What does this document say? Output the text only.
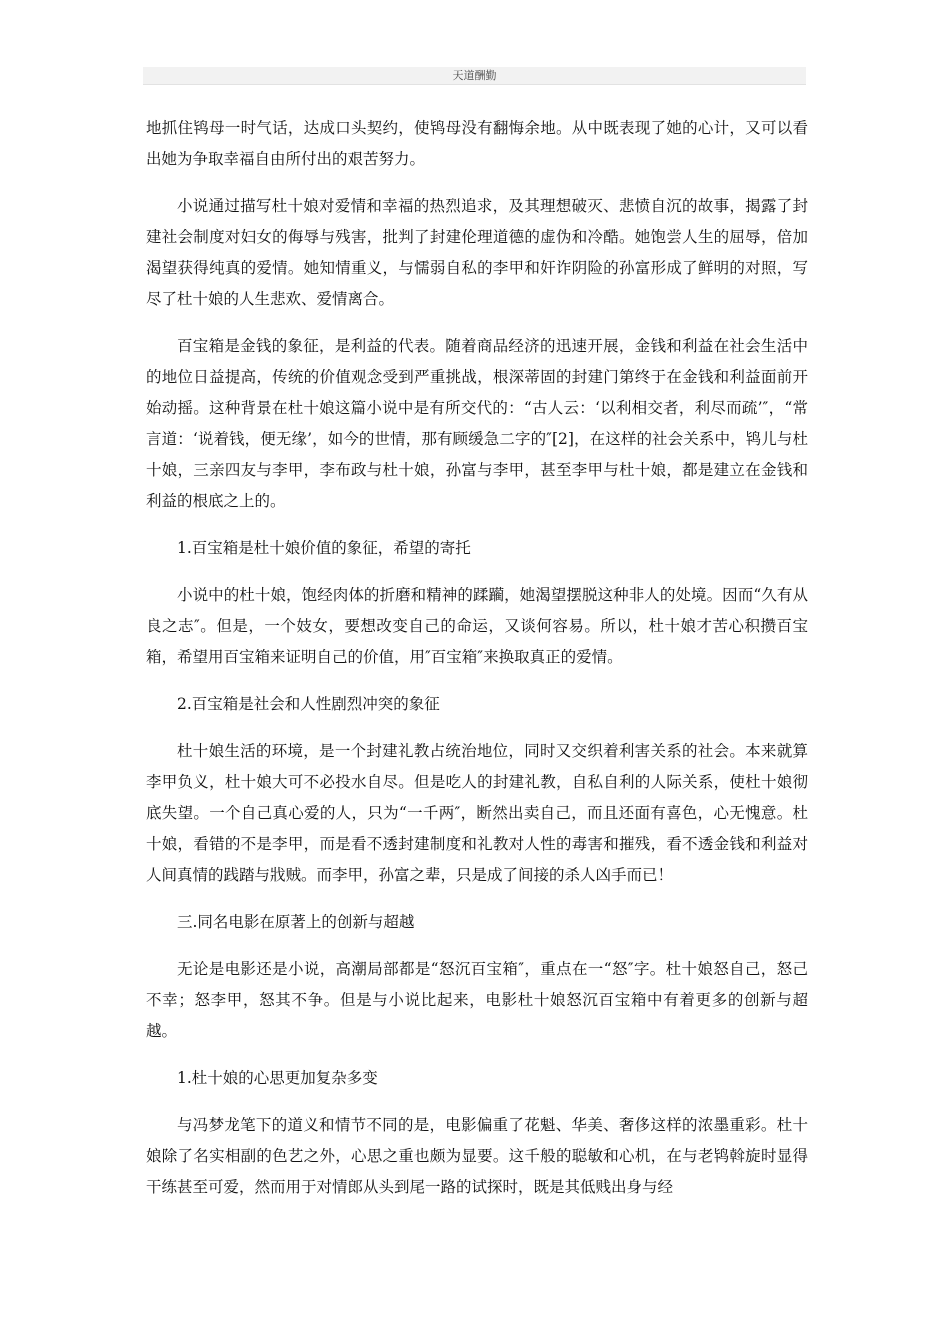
天道酬勤

地抓住鸨母一时气话，达成口头契约，使鸨母没有翻悔余地。从中既表现了她的心计，又可以看出她为争取幸福自由所付出的艰苦努力。

小说通过描写杜十娘对爱情和幸福的热烈追求，及其理想破灭、悲愤自沉的故事，揭露了封建社会制度对妇女的侮辱与残害，批判了封建伦理道德的虚伪和冷酷。她饱尝人生的屈辱，倍加渴望获得纯真的爱情。她知情重义，与懦弱自私的李甲和奸诈阴险的孙富形成了鲜明的对照，写尽了杜十娘的人生悲欢、爱情离合。

百宝箱是金钱的象征，是利益的代表。随着商品经济的迅速开展，金钱和利益在社会生活中的地位日益提高，传统的价值观念受到严重挑战，根深蒂固的封建门第终于在金钱和利益面前开始动摇。这种背景在杜十娘这篇小说中是有所交代的：“古人云：‘以利相交者，利尽而疏’″，“常言道：‘说着钱，便无缘’，如今的世情，那有顾缓急二字的″[2]，在这样的社会关系中，鸨儿与杜十娘，三亲四友与李甲，李布政与杜十娘，孙富与李甲，甚至李甲与杜十娘，都是建立在金钱和利益的根底之上的。

1.百宝箱是杜十娘价值的象征，希望的寄托

小说中的杜十娘，饱经肉体的折磨和精神的蹂躏，她渴望摆脱这种非人的处境。因而“久有从良之志″。但是，一个妓女，要想改变自己的命运，又谈何容易。所以，杜十娘才苦心积攒百宝箱，希望用百宝箱来证明自己的价值，用″百宝箱″来换取真正的爱情。

2.百宝箱是社会和人性剧烈冲突的象征

杜十娘生活的环境，是一个封建礼教占统治地位，同时又交织着利害关系的社会。本来就算李甲负义，杜十娘大可不必投水自尽。但是吃人的封建礼教，自私自利的人际关系，使杜十娘彻底失望。一个自己真心爱的人，只为“一千两″，断然出卖自己，而且还面有喜色，心无愧意。杜十娘，看错的不是李甲，而是看不透封建制度和礼教对人性的毒害和摧残，看不透金钱和利益对人间真情的践踏与戕贼。而李甲，孙富之辈，只是成了间接的杀人凶手而已！

三.同名电影在原著上的创新与超越

无论是电影还是小说，高潮局部都是“怒沉百宝箱″，重点在一“怒″字。杜十娘怒自己，怒己不幸；怒李甲，怒其不争。但是与小说比起来，电影杜十娘怒沉百宝箱中有着更多的创新与超越。

1.杜十娘的心思更加复杂多变

与冯梦龙笔下的道义和情节不同的是，电影偏重了花魁、华美、奢侈这样的浓墨重彩。杜十娘除了名实相副的色艺之外，心思之重也颇为显要。这千般的聪敏和心机，在与老鸨斡旋时显得干练甚至可爱，然而用于对情郎从头到尾一路的试探时，既是其低贱出身与经
